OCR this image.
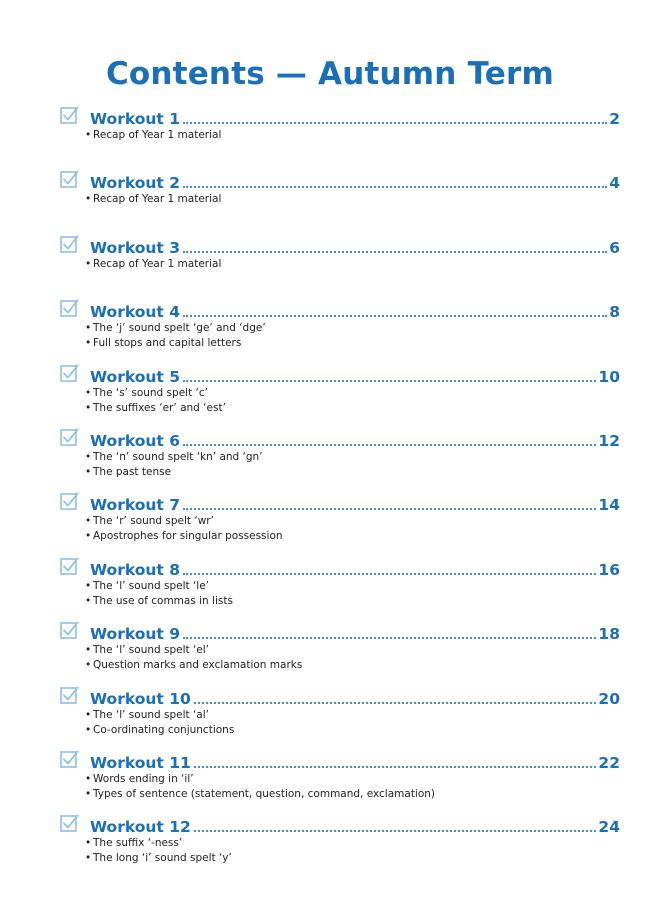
Contents — Autumn Term
Workout 1	2
• Recap of Year 1 material
Workout 2	4
• Recap of Year 1 material
Workout 3	6
• Recap of Year 1 material
Workout 4	8
• The ‘j’ sound spelt ‘ge’ and ‘dge’
• Full stops and capital letters
Workout 5	10
• The ‘s’ sound spelt ‘c’
• The suffixes ‘er’ and ‘est’
Workout 6	12
• The ‘n’ sound spelt ‘kn’ and ‘gn’
• The past tense
Workout 7	14
• The ‘r’ sound spelt ‘wr’
• Apostrophes for singular possession
Workout 8	16
• The ‘l’ sound spelt ‘le’
• The use of commas in lists
Workout 9	18
• The ‘l’ sound spelt ‘el’
• Question marks and exclamation marks
Workout 10	20
• The ‘l’ sound spelt ‘al’
• Co-ordinating conjunctions
Workout 11	22
• Words ending in ‘il’
• Types of sentence (statement, question, command, exclamation)
Workout 12	24
• The suffix ‘-ness’
• The long ‘i’ sound spelt ‘y’
